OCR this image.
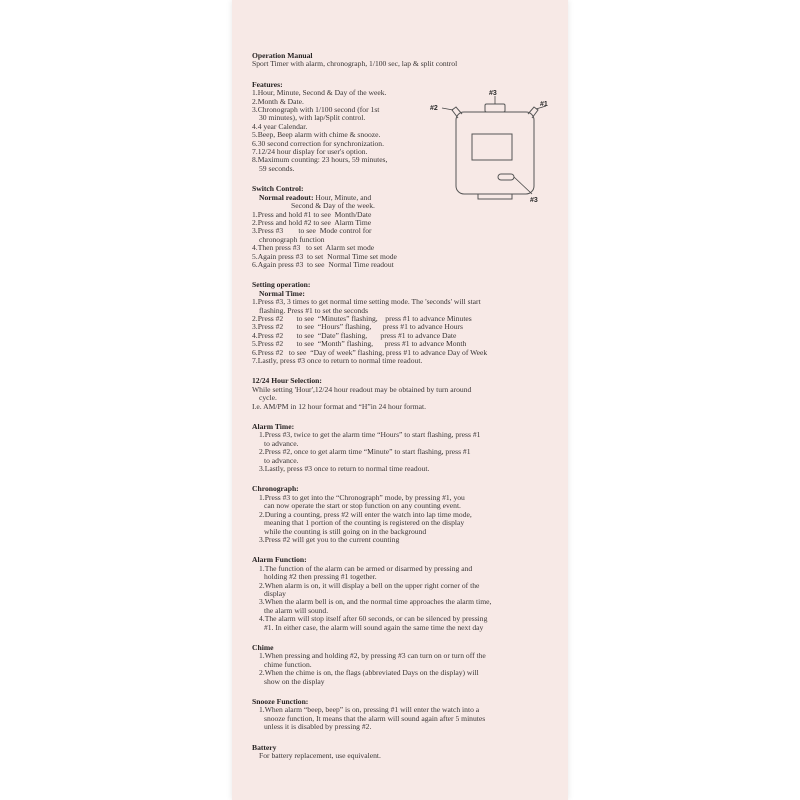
#3
#2
#1
#3
Operation Manual
Sport Timer with alarm, chronograph, 1/100 sec, lap & split control
Features:
1.Hour, Minute, Second & Day of the week.
2.Month & Date.
3.Chronograph with 1/100 second (for 1st
30 minutes), with lap/Split control.
4.4 year Calendar.
5.Beep, Beep alarm with chime & snooze.
6.30 second correction for synchronization.
7.12/24 hour display for user's option.
8.Maximum counting: 23 hours, 59 minutes,
59 seconds.
Switch Control:
Normal readout: Hour, Minute, and
Second & Day of the week.
1.Press and hold #1 to see  Month/Date
2.Press and hold #2 to see  Alarm Time
3.Press #3        to see  Mode control for
chronograph function
4.Then press #3   to set  Alarm set mode
5.Again press #3  to set  Normal Time set mode
6.Again press #3  to see  Normal Time readout
Setting operation:
Normal Time:
1.Press #3, 3 times to get normal time setting mode. The 'seconds' will start
flashing. Press #1 to set the seconds
2.Press #2       to see  “Minutes” flashing,    press #1 to advance Minutes
3.Press #2       to see  “Hours” flashing,      press #1 to advance Hours
4.Press #2       to see  “Date” flashing,       press #1 to advance Date
5.Press #2       to see  “Month” flashing,      press #1 to advance Month
6.Press #2   to see  “Day of week” flashing, press #1 to advance Day of Week
7.Lastly, press #3 once to return to normal time readout.
12/24 Hour Selection:
While setting 'Hour',12/24 hour readout may be obtained by turn around
cycle.
I.e. AM/PM in 12 hour format and “H”in 24 hour format.
Alarm Time:
1.Press #3, twice to get the alarm time “Hours” to start flashing, press #1
to advance.
2.Press #2, once to get alarm time “Minute” to start flashing, press #1
to advance.
3.Lastly, press #3 once to return to normal time readout.
Chronograph:
1.Press #3 to get into the “Chronograph” mode, by pressing #1, you
can now operate the start or stop function on any counting event.
2.During a counting, press #2 will enter the watch into lap time mode,
meaning that 1 portion of the counting is registered on the display
while the counting is still going on in the background
3.Press #2 will get you to the current counting
Alarm Function:
1.The function of the alarm can be armed or disarmed by pressing and
holding #2 then pressing #1 together.
2.When alarm is on, it will display a bell on the upper right corner of the
display
3.When the alarm bell is on, and the normal time approaches the alarm time,
the alarm will sound.
4.The alarm will stop itself after 60 seconds, or can be silenced by pressing
#1. In either case, the alarm will sound again the same time the next day
Chime
1.When pressing and holding #2, by pressing #3 can turn on or turn off the
chime function.
2.When the chime is on, the flags (abbreviated Days on the display) will
show on the display
Snooze Function:
1.When alarm “beep, beep” is on, pressing #1 will enter the watch into a
snooze function, It means that the alarm will sound again after 5 minutes
unless it is disabled by pressing #2.
Battery
For battery replacement, use equivalent.
